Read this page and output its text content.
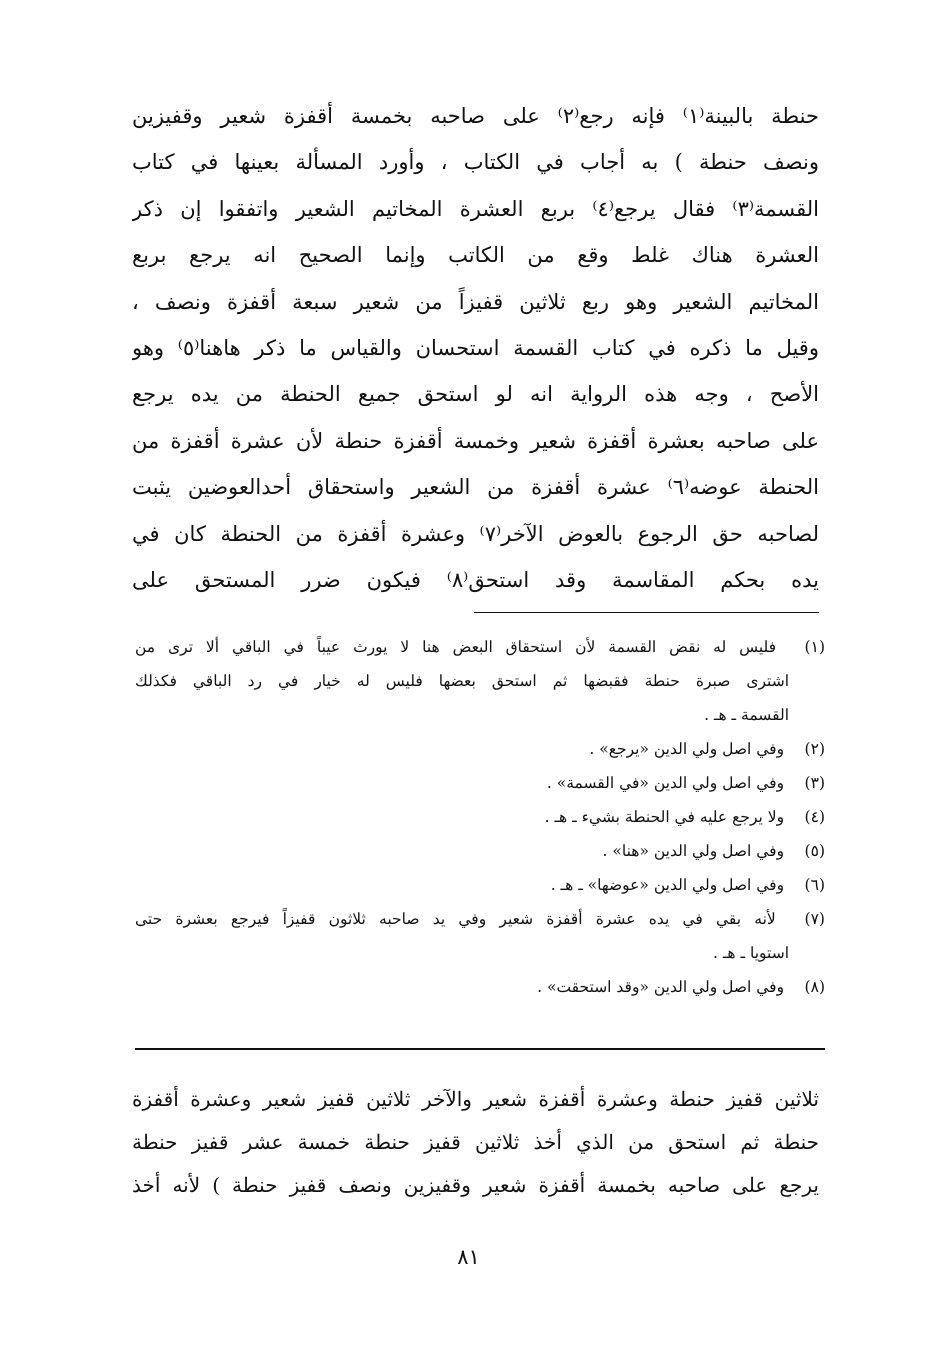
حنطة بالبينة⁽١⁾ فإنه رجع⁽٢⁾ على صاحبه بخمسة أقفزة شعير وقفيزين
ونصف حنطة ) به أجاب في الكتاب ، وأورد المسألة بعينها في كتاب
القسمة⁽٣⁾ فقال يرجع⁽٤⁾ بربع العشرة المخاتيم الشعير واتفقوا إن ذكر
العشرة هناك غلط وقع من الكاتب وإنما الصحيح انه يرجع بربع
المخاتيم الشعير وهو ربع ثلاثين قفيزاً من شعير سبعة أقفزة ونصف ،
وقيل ما ذكره في كتاب القسمة استحسان والقياس ما ذكر هاهنا⁽٥⁾ وهو
الأصح ، وجه هذه الرواية انه لو استحق جميع الحنطة من يده يرجع
على صاحبه بعشرة أقفزة شعير وخمسة أقفزة حنطة لأن عشرة أقفزة من
الحنطة عوضه⁽٦⁾ عشرة أقفزة من الشعير واستحقاق أحدالعوضين يثبت
لصاحبه حق الرجوع بالعوض الآخر⁽٧⁾ وعشرة أقفزة من الحنطة كان في
يده بحكم المقاسمة وقد استحق⁽٨⁾ فيكون ضرر المستحق على
(١) فليس له نقض القسمة لأن استحقاق البعض هنا لا يورث عيباً في الباقي ألا ترى من
اشترى صبرة حنطة فقبضها ثم استحق بعضها فليس له خيار في رد الباقي فكذلك
القسمة ـ هـ .
(٢) وفي اصل ولي الدين «يرجع» .
(٣) وفي اصل ولي الدين «في القسمة» .
(٤) ولا يرجع عليه في الحنطة بشيء ـ هـ .
(٥) وفي اصل ولي الدين «هنا» .
(٦) وفي اصل ولي الدين «عوضها» ـ هـ .
(٧) لأنه بقي في يده عشرة أقفزة شعير وفي يد صاحبه ثلاثون قفيزاً فيرجع بعشرة حتى
استويا ـ هـ .
(٨) وفي اصل ولي الدين «وقد استحقت» .
ثلاثين قفيز حنطة وعشرة أقفزة شعير والآخر ثلاثين قفيز شعير وعشرة أقفزة
حنطة ثم استحق من الذي أخذ ثلاثين قفيز حنطة خمسة عشر قفيز حنطة
يرجع على صاحبه بخمسة أقفزة شعير وقفيزين ونصف قفيز حنطة ) لأنه أخذ
٨١
